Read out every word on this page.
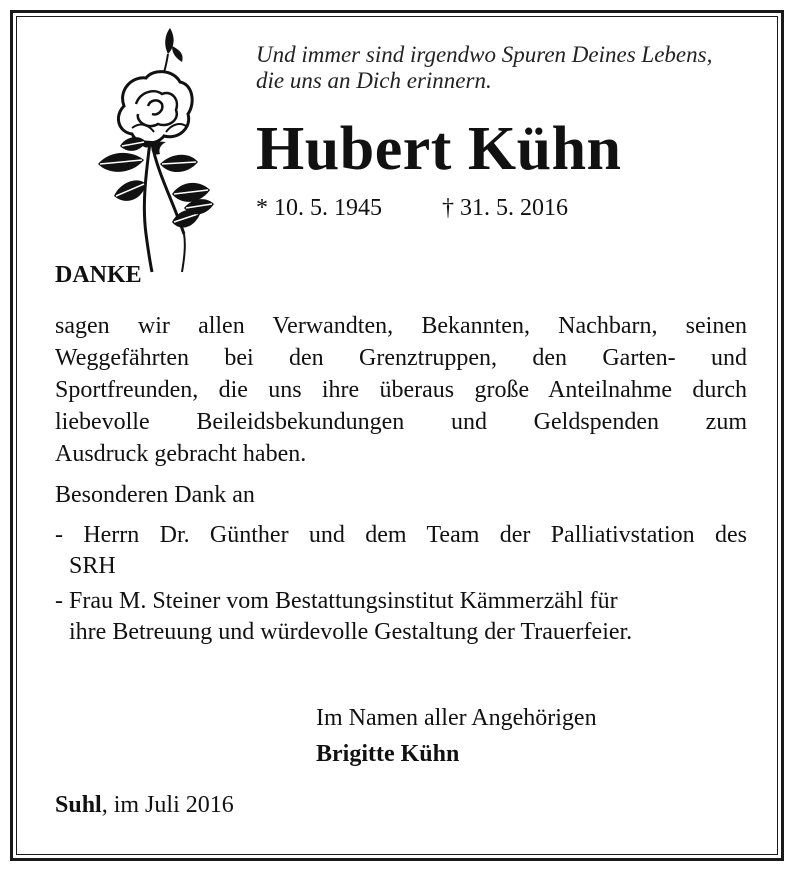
Und immer sind irgendwo Spuren Deines Lebens,
die uns an Dich erinnern.
Hubert Kühn
* 10. 5. 1945	† 31. 5. 2016
DANKE
sagen wir allen Verwandten, Bekannten, Nachbarn, seinen
Weggefährten bei den Grenztruppen, den Garten- und
Sportfreunden, die uns ihre überaus große Anteilnahme durch
liebevolle Beileidsbekundungen und Geldspenden zum
Ausdruck gebracht haben.
Besonderen Dank an
- Herrn Dr. Günther und dem Team der Palliativstation des
SRH
- Frau M. Steiner vom Bestattungsinstitut Kämmerzähl für
ihre Betreuung und würdevolle Gestaltung der Trauerfeier.
Im Namen aller Angehörigen
Brigitte Kühn
Suhl, im Juli 2016
